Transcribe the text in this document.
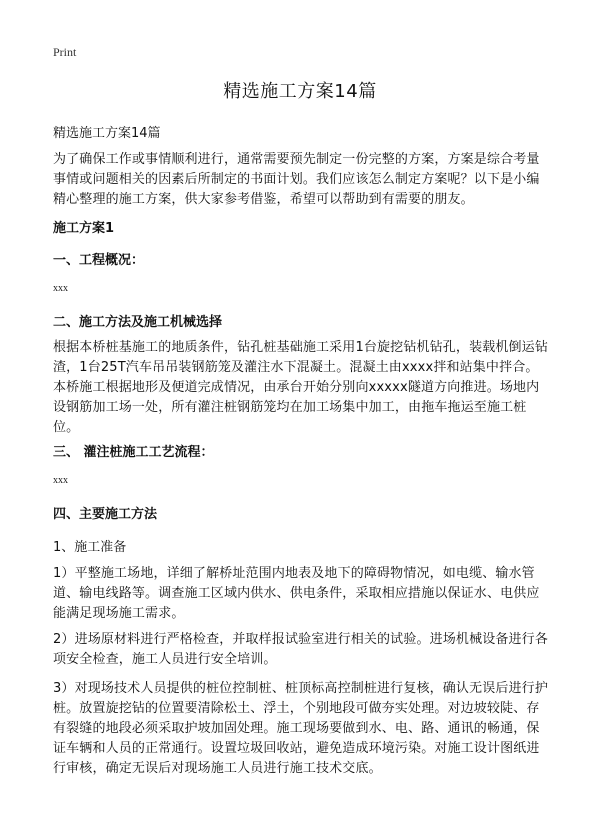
Print
精选施工方案14篇
精选施工方案14篇

为了确保工作或事情顺利进行，通常需要预先制定一份完整的方案，方案是综合考量事情或问题相关的因素后所制定的书面计划。我们应该怎么制定方案呢？以下是小编精心整理的施工方案，供大家参考借鉴，希望可以帮助到有需要的朋友。

施工方案1
一、工程概况：
xxx
二、施工方法及施工机械选择

根据本桥桩基施工的地质条件，钻孔桩基础施工采用1台旋挖钻机钻孔，装载机倒运钻渣，1台25T汽车吊吊装钢筋笼及灌注水下混凝土。混凝土由xxxx拌和站集中拌合。本桥施工根据地形及便道完成情况，由承台开始分别向xxxxx隧道方向推进。场地内设钢筋加工场一处，所有灌注桩钢筋笼均在加工场集中加工，由拖车拖运至施工桩位。

三、 灌注桩施工工艺流程：
xxx
四、主要施工方法
1、施工准备

1）平整施工场地，详细了解桥址范围内地表及地下的障碍物情况，如电缆、输水管道、输电线路等。调查施工区域内供水、供电条件，采取相应措施以保证水、电供应能满足现场施工需求。

2）进场原材料进行严格检查，并取样报试验室进行相关的试验。进场机械设备进行各项安全检查，施工人员进行安全培训。

3）对现场技术人员提供的桩位控制桩、桩顶标高控制桩进行复核，确认无误后进行护桩。放置旋挖钻的位置要清除松土、浮土，个别地段可做夯实处理。对边坡较陡、存有裂缝的地段必须采取护坡加固处理。施工现场要做到水、电、路、通讯的畅通，保证车辆和人员的正常通行。设置垃圾回收站，避免造成环境污染。对施工设计图纸进行审核，确定无误后对现场施工人员进行施工技术交底。
